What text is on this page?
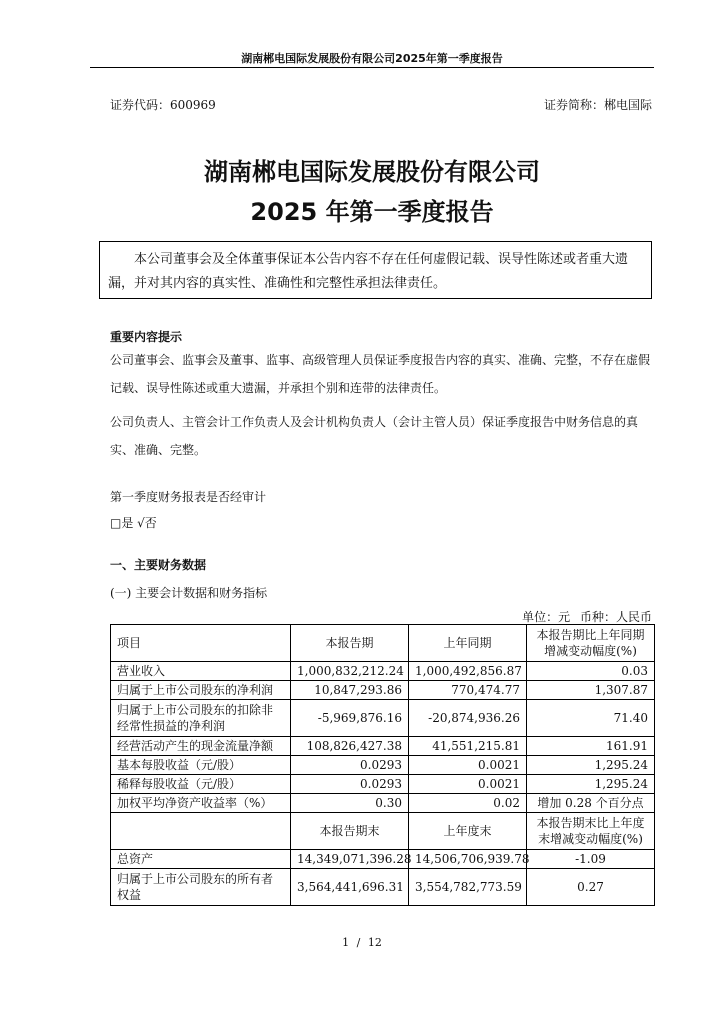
湖南郴电国际发展股份有限公司2025年第一季度报告
证券代码：600969	证券简称：郴电国际
湖南郴电国际发展股份有限公司
2025 年第一季度报告
本公司董事会及全体董事保证本公告内容不存在任何虚假记载、误导性陈述或者重大遗漏，并对其内容的真实性、准确性和完整性承担法律责任。
重要内容提示
公司董事会、监事会及董事、监事、高级管理人员保证季度报告内容的真实、准确、完整，不存在虚假记载、误导性陈述或重大遗漏，并承担个别和连带的法律责任。
公司负责人、主管会计工作负责人及会计机构负责人（会计主管人员）保证季度报告中财务信息的真实、准确、完整。
第一季度财务报表是否经审计
□是 √否
一、主要财务数据
(一) 主要会计数据和财务指标
单位：元 币种：人民币
项目	本报告期	上年同期	本报告期比上年同期增减变动幅度(%)
营业收入	1,000,832,212.24	1,000,492,856.87	0.03
归属于上市公司股东的净利润	10,847,293.86	770,474.77	1,307.87
归属于上市公司股东的扣除非经常性损益的净利润	-5,969,876.16	-20,874,936.26	71.40
经营活动产生的现金流量净额	108,826,427.38	41,551,215.81	161.91
基本每股收益（元/股）	0.0293	0.0021	1,295.24
稀释每股收益（元/股）	0.0293	0.0021	1,295.24
加权平均净资产收益率（%）	0.30	0.02	增加 0.28 个百分点
	本报告期末	上年度末	本报告期末比上年度末增减变动幅度(%)
总资产	14,349,071,396.28	14,506,706,939.78	-1.09
归属于上市公司股东的所有者权益	3,564,441,696.31	3,554,782,773.59	0.27
1 / 12
